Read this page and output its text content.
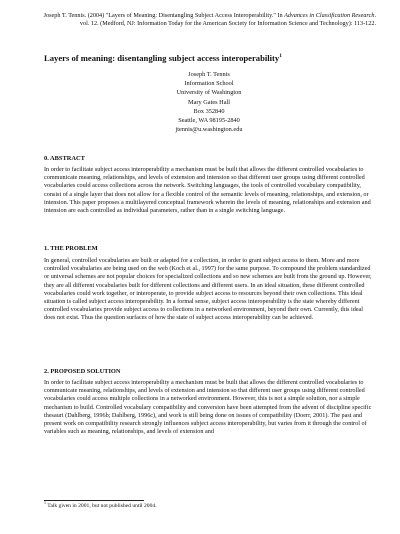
Joseph T. Tennis. (2004) "Layers of Meaning: Disentangling Subject Access Interoperability." In Advances in Classification Research. vol. 12. (Medford, NJ: Information Today for the American Society for Information Science and Technology): 113-122.
Layers of meaning: disentangling subject access interoperability$^1$
Joseph T. Tennis
Information School
University of Washington
Mary Gates Hall
Box 352840
Seattle, WA 98195-2840
jtennis@u.washington.edu
0. ABSTRACT

In order to facilitate subject access interoperability a mechanism must be built that allows the different controlled vocabularies to communicate meaning, relationships, and levels of extension and intension so that different user groups using different controlled vocabularies could access collections across the network. Switching languages, the tools of controlled vocabulary compatibility, consist of a single layer that does not allow for a flexible control of the semantic levels of meaning, relationships, and extension, or intension. This paper proposes a multilayered conceptual framework wherein the levels of meaning, relationships and extension and intension are each controlled as individual parameters, rather than in a single switching language.

1. THE PROBLEM

In general, controlled vocabularies are built or adapted for a collection, in order to grant subject access to them. More and more controlled vocabularies are being used on the web (Koch et al., 1997) for the same purpose. To compound the problem standardized or universal schemes are not popular choices for specialized collections and so new schemes are built from the ground up. However, they are all different vocabularies built for different collections and different users. In an ideal situation, these different controlled vocabularies could work together, or interoperate, to provide subject access to resources beyond their own collections. This ideal situation is called subject access interoperability. In a formal sense, subject access interoperability is the state whereby different controlled vocabularies provide subject access to collections in a networked environment, beyond their own. Currently, this ideal does not exist. Thus the question surfaces of how the state of subject access interoperability can be achieved.

2. PROPOSED SOLUTION

In order to facilitate subject access interoperability a mechanism must be built that allows the different controlled vocabularies to communicate meaning, relationships, and levels of extension and intension so that different user groups using different controlled vocabularies could access multiple collections in a networked environment. However, this is not a simple solution, nor a simple mechanism to build. Controlled vocabulary compatibility and conversion have been attempted from the advent of discipline specific thesauri (Dahlberg, 1996b; Dahlberg, 1996c), and work is still being done on issues of compatibility (Doerr, 2001). The past and present work on compatibility research strongly influences subject access interoperability, but varies from it through the control of variables such as meaning, relationships, and levels of extension and

$^1$ Talk given in 2001, but not published until 2004.
